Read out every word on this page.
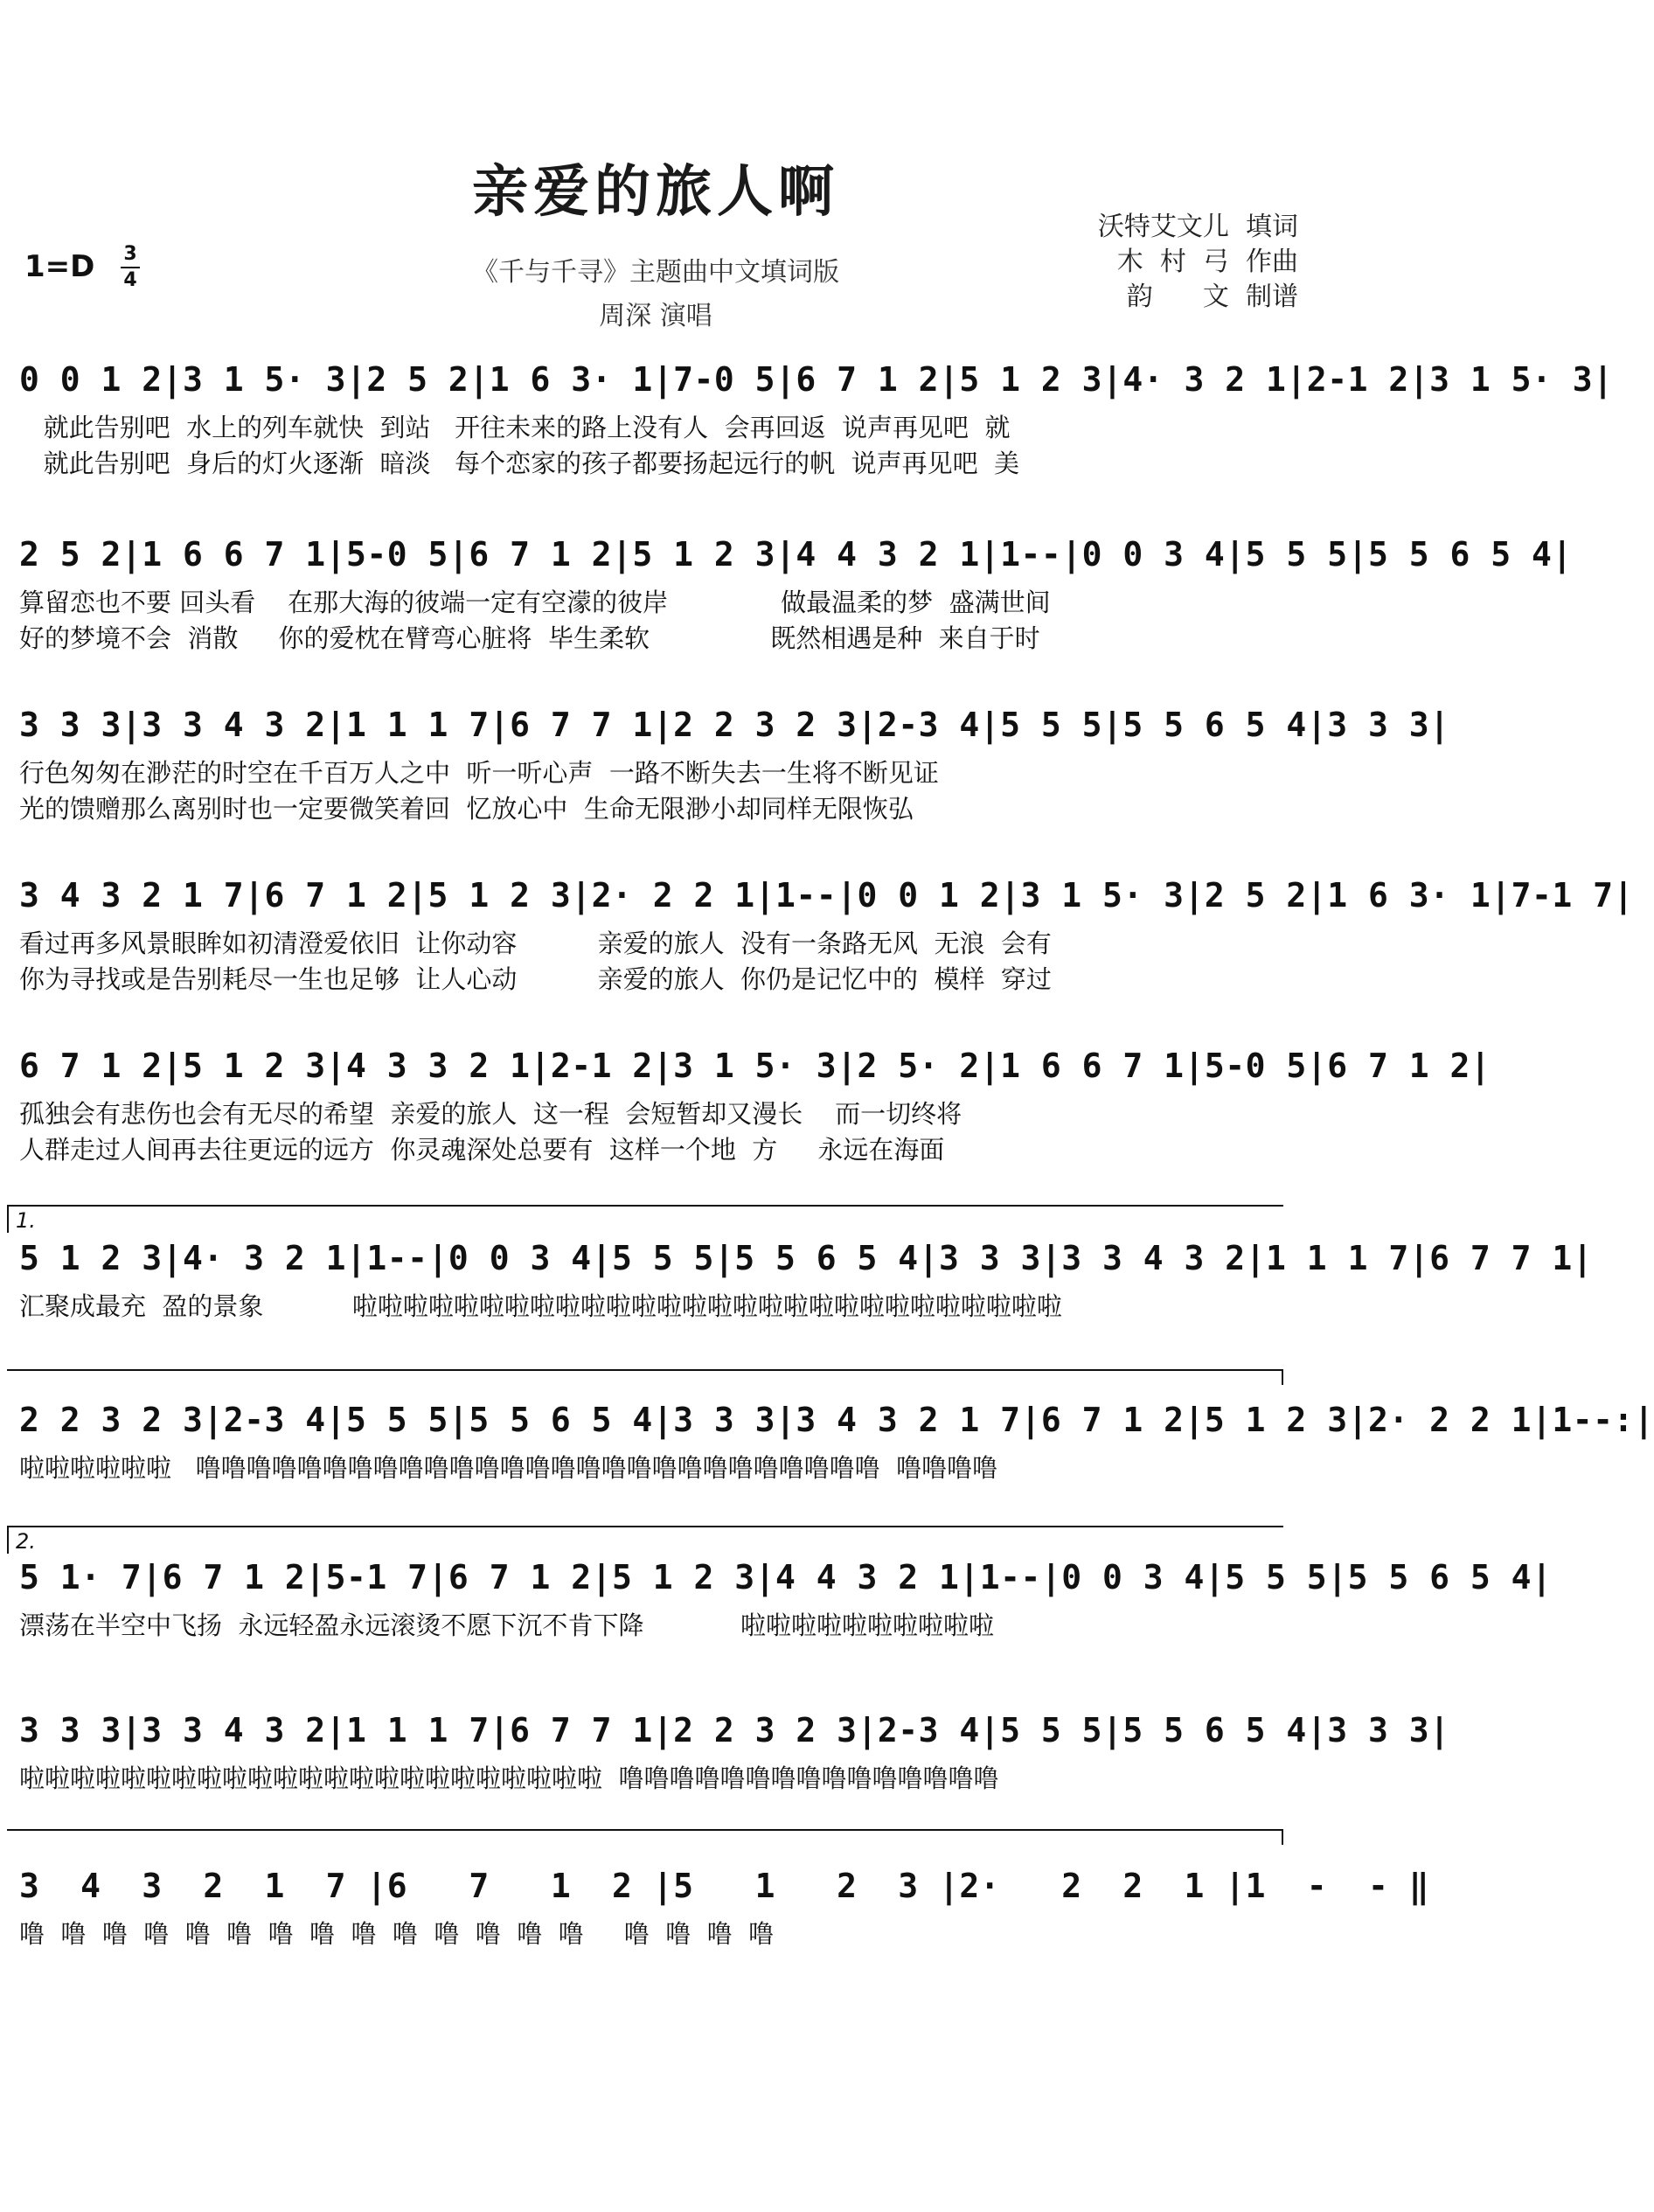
亲爱的旅人啊
1=D 3
4	《千与千寻》主题曲中文填词版
周深 演唱
沃特艾文儿  填词
木  村  弓  作曲
韵      文  制谱
0 0 1 2|3 1 5· 3|2 5 2|1 6 3· 1|7-0 5|6 7 1 2|5 1 2 3|4· 3 2 1|2-1 2|3 1 5· 3|
就此告别吧  水上的列车就快  到站   开往未来的路上没有人  会再回返  说声再见吧  就
就此告别吧  身后的灯火逐渐  暗淡   每个恋家的孩子都要扬起远行的帆  说声再见吧  美
2 5 2|1 6 6 7 1|5-0 5|6 7 1 2|5 1 2 3|4 4 3 2 1|1--|0 0 3 4|5 5 5|5 5 6 5 4|
算留恋也不要 回头看    在那大海的彼端一定有空濛的彼岸              做最温柔的梦  盛满世间
好的梦境不会  消散     你的爱枕在臂弯心脏将  毕生柔软               既然相遇是种  来自于时
3 3 3|3 3 4 3 2|1 1 1 7|6 7 7 1|2 2 3 2 3|2-3 4|5 5 5|5 5 6 5 4|3 3 3|
行色匆匆在渺茫的时空在千百万人之中  听一听心声  一路不断失去一生将不断见证
光的馈赠那么离别时也一定要微笑着回  忆放心中  生命无限渺小却同样无限恢弘
3 4 3 2 1 7|6 7 1 2|5 1 2 3|2· 2 2 1|1--|0 0 1 2|3 1 5· 3|2 5 2|1 6 3· 1|7-1 7|
看过再多风景眼眸如初清澄爱依旧  让你动容          亲爱的旅人  没有一条路无风  无浪  会有
你为寻找或是告别耗尽一生也足够  让人心动          亲爱的旅人  你仍是记忆中的  模样  穿过
6 7 1 2|5 1 2 3|4 3 3 2 1|2-1 2|3 1 5· 3|2 5· 2|1 6 6 7 1|5-0 5|6 7 1 2|
孤独会有悲伤也会有无尽的希望  亲爱的旅人  这一程  会短暂却又漫长    而一切终将
人群走过人间再去往更远的远方  你灵魂深处总要有  这样一个地  方     永远在海面
1.
5 1 2 3|4· 3 2 1|1--|0 0 3 4|5 5 5|5 5 6 5 4|3 3 3|3 3 4 3 2|1 1 1 7|6 7 7 1|
汇聚成最充  盈的景象           啦啦啦啦啦啦啦啦啦啦啦啦啦啦啦啦啦啦啦啦啦啦啦啦啦啦啦啦
2 2 3 2 3|2-3 4|5 5 5|5 5 6 5 4|3 3 3|3 4 3 2 1 7|6 7 1 2|5 1 2 3|2· 2 2 1|1--:|
啦啦啦啦啦啦   噜噜噜噜噜噜噜噜噜噜噜噜噜噜噜噜噜噜噜噜噜噜噜噜噜噜噜  噜噜噜噜
2.
5 1· 7|6 7 1 2|5-1 7|6 7 1 2|5 1 2 3|4 4 3 2 1|1--|0 0 3 4|5 5 5|5 5 6 5 4|
漂荡在半空中飞扬  永远轻盈永远滚烫不愿下沉不肯下降            啦啦啦啦啦啦啦啦啦啦
3 3 3|3 3 4 3 2|1 1 1 7|6 7 7 1|2 2 3 2 3|2-3 4|5 5 5|5 5 6 5 4|3 3 3|
啦啦啦啦啦啦啦啦啦啦啦啦啦啦啦啦啦啦啦啦啦啦啦  噜噜噜噜噜噜噜噜噜噜噜噜噜噜噜
3  4  3  2  1  7 |6   7   1  2 |5   1   2  3 |2·   2  2  1 |1  -  - ‖
噜  噜  噜  噜  噜  噜  噜  噜  噜  噜  噜  噜  噜  噜     噜  噜  噜  噜
